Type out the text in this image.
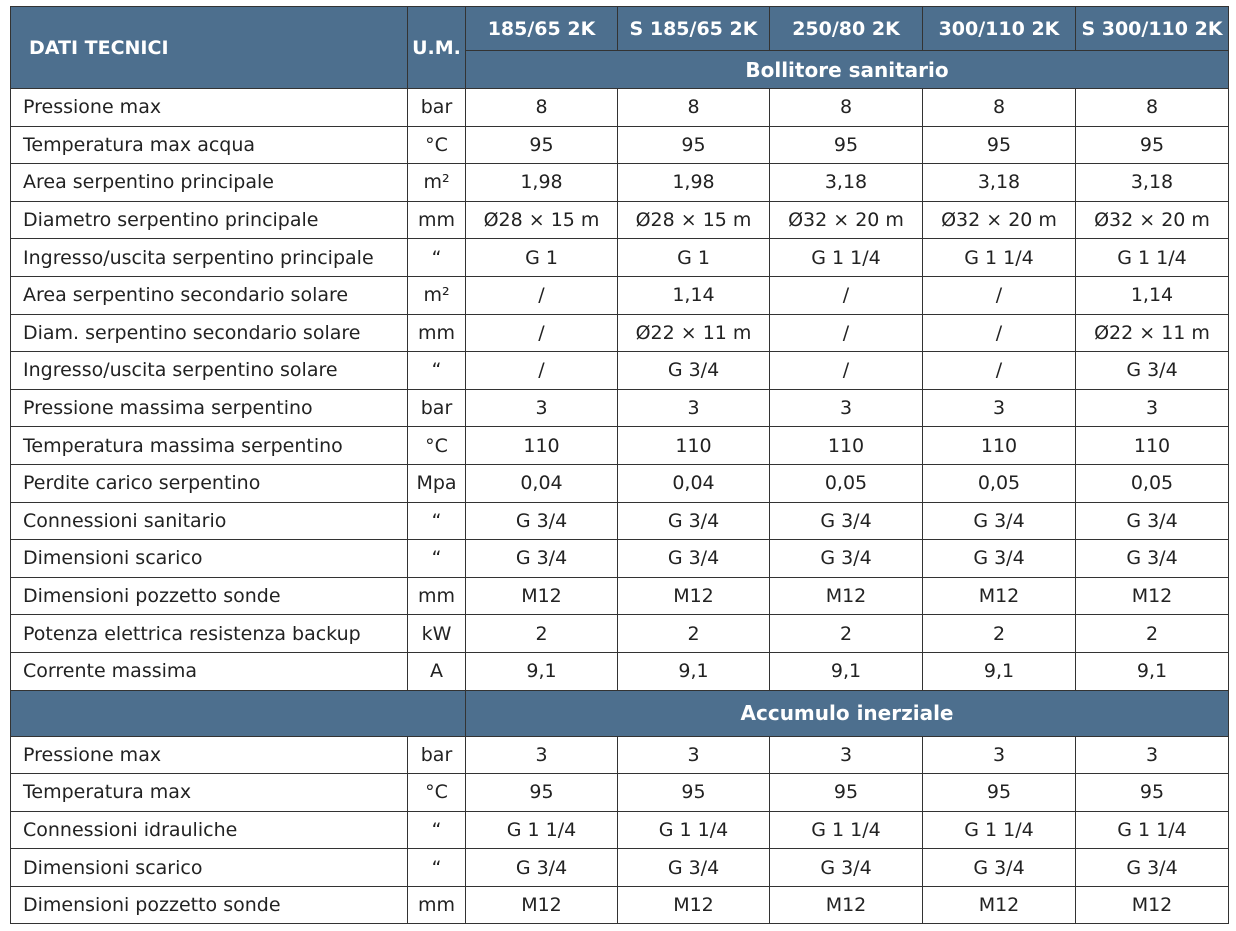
DATI TECNICI	U.M.	185/65 2K	S 185/65 2K	250/80 2K	300/110 2K	S 300/110 2K
		Bollitore sanitario				
Pressione max	bar	8	8	8	8	8
Temperatura max acqua	°C	95	95	95	95	95
Area serpentino principale	m²	1,98	1,98	3,18	3,18	3,18
Diametro serpentino principale	mm	Ø28 × 15 m	Ø28 × 15 m	Ø32 × 20 m	Ø32 × 20 m	Ø32 × 20 m
Ingresso/uscita serpentino principale	“	G 1	G 1	G 1 1/4	G 1 1/4	G 1 1/4
Area serpentino secondario solare	m²	/	1,14	/	/	1,14
Diam. serpentino secondario solare	mm	/	Ø22 × 11 m	/	/	Ø22 × 11 m
Ingresso/uscita serpentino solare	“	/	G 3/4	/	/	G 3/4
Pressione massima serpentino	bar	3	3	3	3	3
Temperatura massima serpentino	°C	110	110	110	110	110
Perdite carico serpentino	Mpa	0,04	0,04	0,05	0,05	0,05
Connessioni sanitario	“	G 3/4	G 3/4	G 3/4	G 3/4	G 3/4
Dimensioni scarico	“	G 3/4	G 3/4	G 3/4	G 3/4	G 3/4
Dimensioni pozzetto sonde	mm	M12	M12	M12	M12	M12
Potenza elettrica resistenza backup	kW	2	2	2	2	2
Corrente massima	A	9,1	9,1	9,1	9,1	9,1
		Accumulo inerziale				
Pressione max	bar	3	3	3	3	3
Temperatura max	°C	95	95	95	95	95
Connessioni idrauliche	“	G 1 1/4	G 1 1/4	G 1 1/4	G 1 1/4	G 1 1/4
Dimensioni scarico	“	G 3/4	G 3/4	G 3/4	G 3/4	G 3/4
Dimensioni pozzetto sonde	mm	M12	M12	M12	M12	M12
